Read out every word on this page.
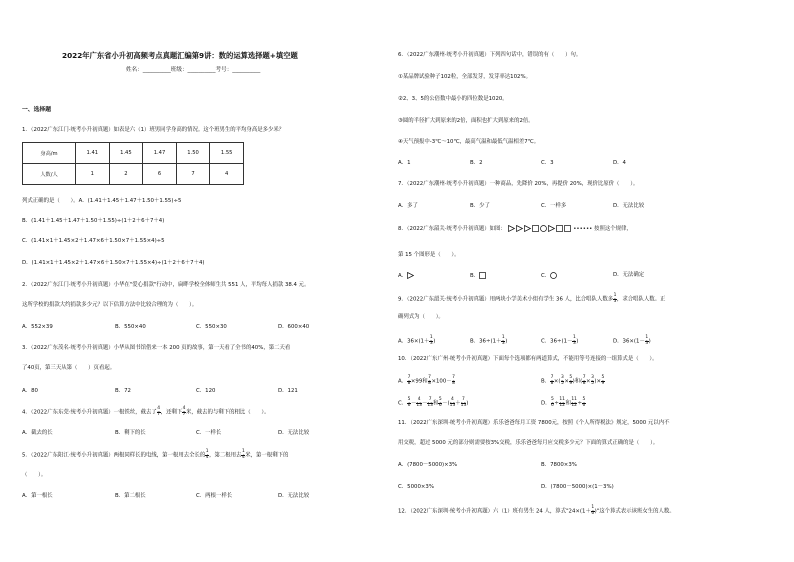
2022年广东省小升初高频考点真题汇编第9讲：数的运算选择题+填空题
姓名：__________班级：__________考号：__________
一、选择题
1．（2022广东江门·统考小升初真题）如表是六（1）班男同学身高的情况。这个班男生的平均身高是多少米？
身高/m	1.41	1.45	1.47	1.50	1.55
人数/人	1	2	6	7	4
列式正确的是（　　）。A．(1.41＋1.45＋1.47＋1.50＋1.55)÷5
B．(1.41＋1.45＋1.47＋1.50＋1.55)÷(1＋2＋6＋7＋4)
C．(1.41×1＋1.45×2＋1.47×6＋1.50×7＋1.55×4)÷5
D．(1.41×1＋1.45×2＋1.47×6＋1.50×7＋1.55×4)÷(1＋2＋6＋7＋4)
2．（2022广东江门·统考小升初真题）小华在"爱心捐款"行动中，扁畔学校全体师生共 551 人，平均每人捐款 38.4 元。
这所学校的捐款大约捐款多少元？以下估算方法中比较合理的为（　　）。
A．552×39	B．550×40	C．550×30	D．600×40
3．（2022广东茂名·统考小升初真题）小华从图书馆借来一本 200 页的故事，第一天看了全书的40%，第二天看
了40页，第三天从第（　　）页看起。
A．80	B．72	C．120	D．121
4．（2022广东东莞·统考小升初真题）一根铁丝，截去了 $\frac{4}{7}$ ，还剩下 $\frac{4}{7}$ 米，截去的与剩下的相比（　　）。
A．截去的长	B．剩下的长	C．一样长	D．无法比较
5．（2022广东阳江·统考小升初真题）两根同样长的电线，第一根用去全长的 $\frac{1}{4}$ ，第二根用去 $\frac{1}{4}$ 米，第一根剩下的
（　　）。
A．第一根长	B．第二根长	C．两根一样长	D．无法比较
6．（2022广东潮州·统考小升初真题）下列四句话中，错误的有（　　）句。
①某品牌试验种子102粒，全部发芽，发芽率达102%。
②2、3、5的公倍数中最小的四位数是1020。
③圆的半径扩大到原来的2倍，面积也扩大到原来的2倍。
④天气预报中-3℃～10℃，最高气温和最低气温相差7℃。
A．1	B．2	C．3	D．4
7．（2022广东潮州·统考小升初真题）一种商品，先降价 20%，再提价 20%，现价比原价（　　）。
A．多了	B．少了	C．一样多	D．无法比较
8．（2022广东韶关·统考小升初真题）如图：	•••••• 按照这个规律，
第 15 个图形是（　　）。
A．	B．	C．	D．无法确定
9．（2022广东韶关·统考小升初真题）用两块小学美术小组有学生 36 人，比合唱队人数多 $\frac{1}{3}$ ，求合唱队人数。正
确列式为（　　）。
A．$36\times(1+ \frac{1}{3}$ )	B．$36\div(1+ \frac{1}{3}$ )	C．$36\div(1- \frac{1}{3}$ )	D．$36\times(1- \frac{1}{3}$ )
10．（2022广东广州·统考小升初真题）下面每个选项都有两道算式，不能用等号连接的一组算式是（　　）。
A． $\frac{7}{8} \times 99$和 $\frac{7}{8} \times 100- \frac{7}{8}$	B． $\frac{7}{8}$ ×( $\frac{3}{5} \times \frac{5}{9}$ )和( $\frac{7}{8} \times \frac{3}{5}$ )× $\frac{5}{9}$
C． $\frac{5}{6} - \frac{4}{13} - \frac{7}{13}$ 和 $\frac{5}{6}$ －( $\frac{4}{13} + \frac{7}{13}$ )	D． $\frac{5}{6} \div \frac{11}{12}$ 和 $\frac{11}{12} \div \frac{5}{6}$
11．（2022广东深圳·统考小升初真题）乐乐爸爸每月工资 7800元，按照《个人所得税法》规定，5000 元以内不
用交税，超过 5000 元的部分则需要按3%交税，乐乐爸爸每月应交税多少元？下面的算式正确的是（　　）。
A．(7800－5000)×3%	B．7800×3%
C．5000×3%	D．(7800－5000)×(1－3%)
12．（2022广东深圳·统考小升初真题）六（1）班有男生 24 人，算式"$24\times(1+ \frac{1}{6}$ )"这个算式表示该班女生的人数。
